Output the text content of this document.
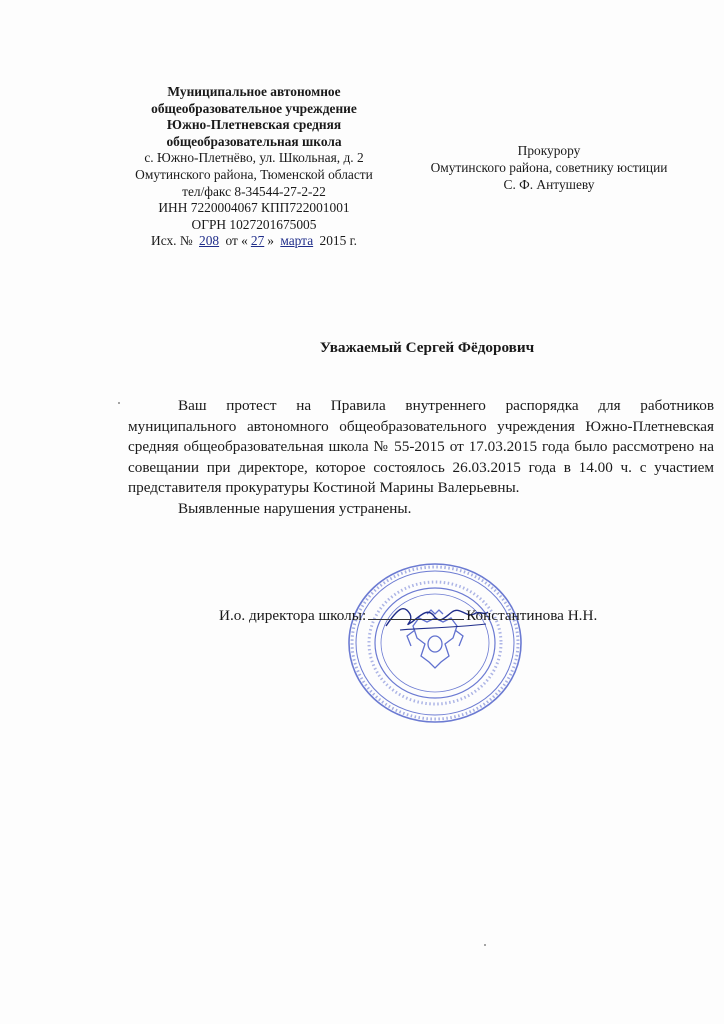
Муниципальное автономное
общеобразовательное учреждение
Южно-Плетневская средняя
общеобразовательная школа
с. Южно-Плетнёво, ул. Школьная, д. 2
Омутинского района, Тюменской области
тел/факс 8-34544-27-2-22
ИНН 7220004067 КПП722001001
ОГРН 1027201675005
Исх. № 208 от « 27 » марта 2015 г.
Прокурору
Омутинского района, советнику юстиции
С. Ф. Антушеву
Уважаемый Сергей Фёдорович

Ваш протест на Правила внутреннего распорядка для работников муниципального автономного общеобразовательного учреждения Южно-Плетневская средняя общеобразовательная школа № 55-2015 от 17.03.2015 года было рассмотрено на совещании при директоре, которое состоялось 26.03.2015 года в 14.00 ч. с участием представителя прокуратуры Костиной Марины Валерьевны.

Выявленные нарушения устранены.

И.о. директора школы:	Константинова Н.Н.
